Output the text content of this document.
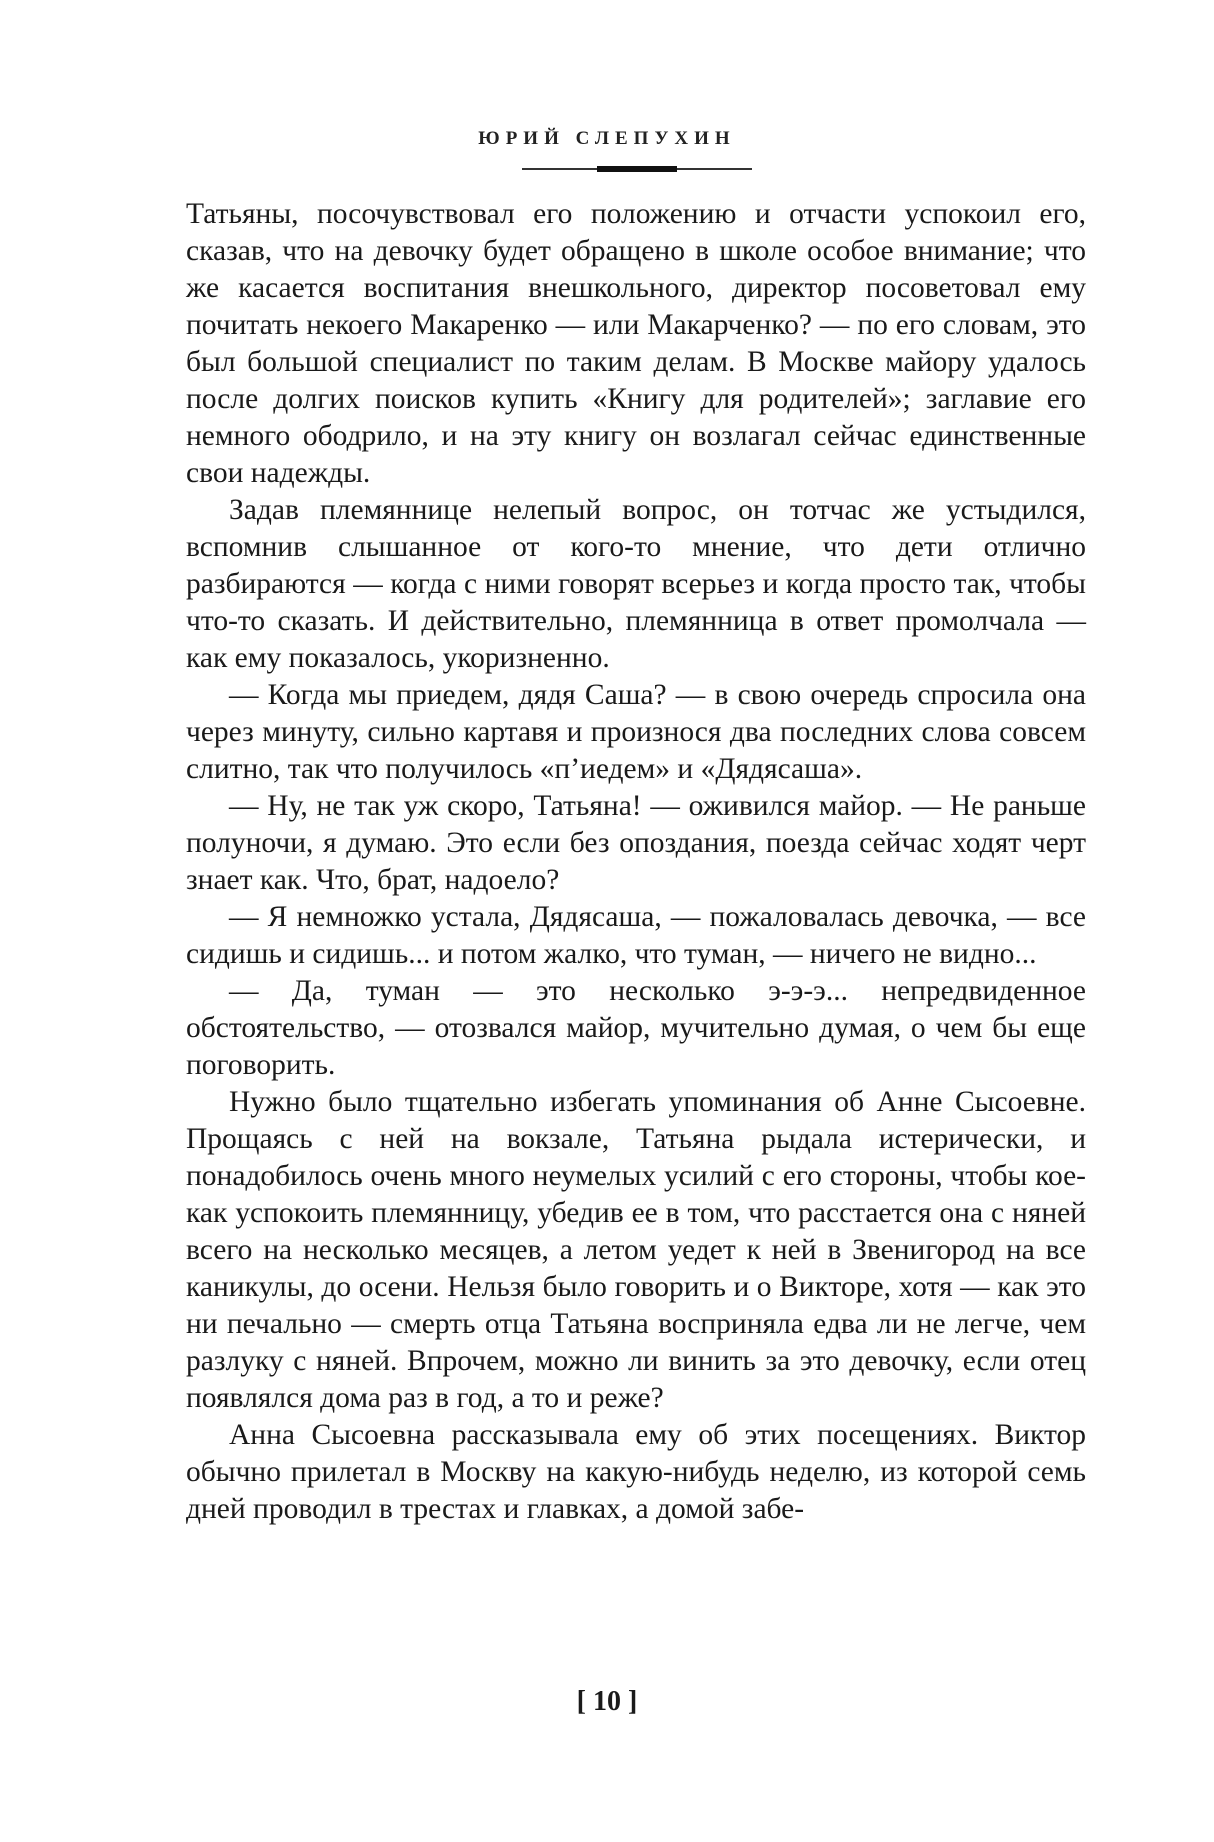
ЮРИЙ СЛЕПУХИН

Татьяны, посочувствовал его положению и отчасти успокоил его, сказав, что на девочку будет обращено в школе особое внимание; что же касается воспитания внешкольного, директор посоветовал ему почитать некоего Макаренко — или Макарченко? — по его словам, это был большой специалист по таким делам. В Москве майору удалось после долгих поисков купить «Книгу для родителей»; заглавие его немного ободрило, и на эту книгу он возлагал сейчас единственные свои надежды.

Задав племяннице нелепый вопрос, он тотчас же устыдился, вспомнив слышанное от кого-то мнение, что дети отлично разбираются — когда с ними говорят всерьез и когда просто так, чтобы что-то сказать. И действительно, племянница в ответ промолчала — как ему показалось, укоризненно.

— Когда мы приедем, дядя Саша? — в свою очередь спросила она через минуту, сильно картавя и произнося два последних слова совсем слитно, так что получилось «п’иедем» и «Дядясаша».

— Ну, не так уж скоро, Татьяна! — оживился майор. — Не раньше полуночи, я думаю. Это если без опоздания, поезда сейчас ходят черт знает как. Что, брат, надоело?

— Я немножко устала, Дядясаша, — пожаловалась девочка, — все сидишь и сидишь... и потом жалко, что туман, — ничего не видно...

— Да, туман — это несколько э-э-э... непредвиденное обстоятельство, — отозвался майор, мучительно думая, о чем бы еще поговорить.

Нужно было тщательно избегать упоминания об Анне Сысоевне. Прощаясь с ней на вокзале, Татьяна рыдала истерически, и понадобилось очень много неумелых усилий с его стороны, чтобы кое-как успокоить племянницу, убедив ее в том, что расстается она с няней всего на несколько месяцев, а летом уедет к ней в Звенигород на все каникулы, до осени. Нельзя было говорить и о Викторе, хотя — как это ни печально — смерть отца Татьяна восприняла едва ли не легче, чем разлуку с няней. Впрочем, можно ли винить за это девочку, если отец появлялся дома раз в год, а то и реже?

Анна Сысоевна рассказывала ему об этих посещениях. Виктор обычно прилетал в Москву на какую-нибудь неделю, из которой семь дней проводил в трестах и главках, а домой забе-

[ 10 ]
